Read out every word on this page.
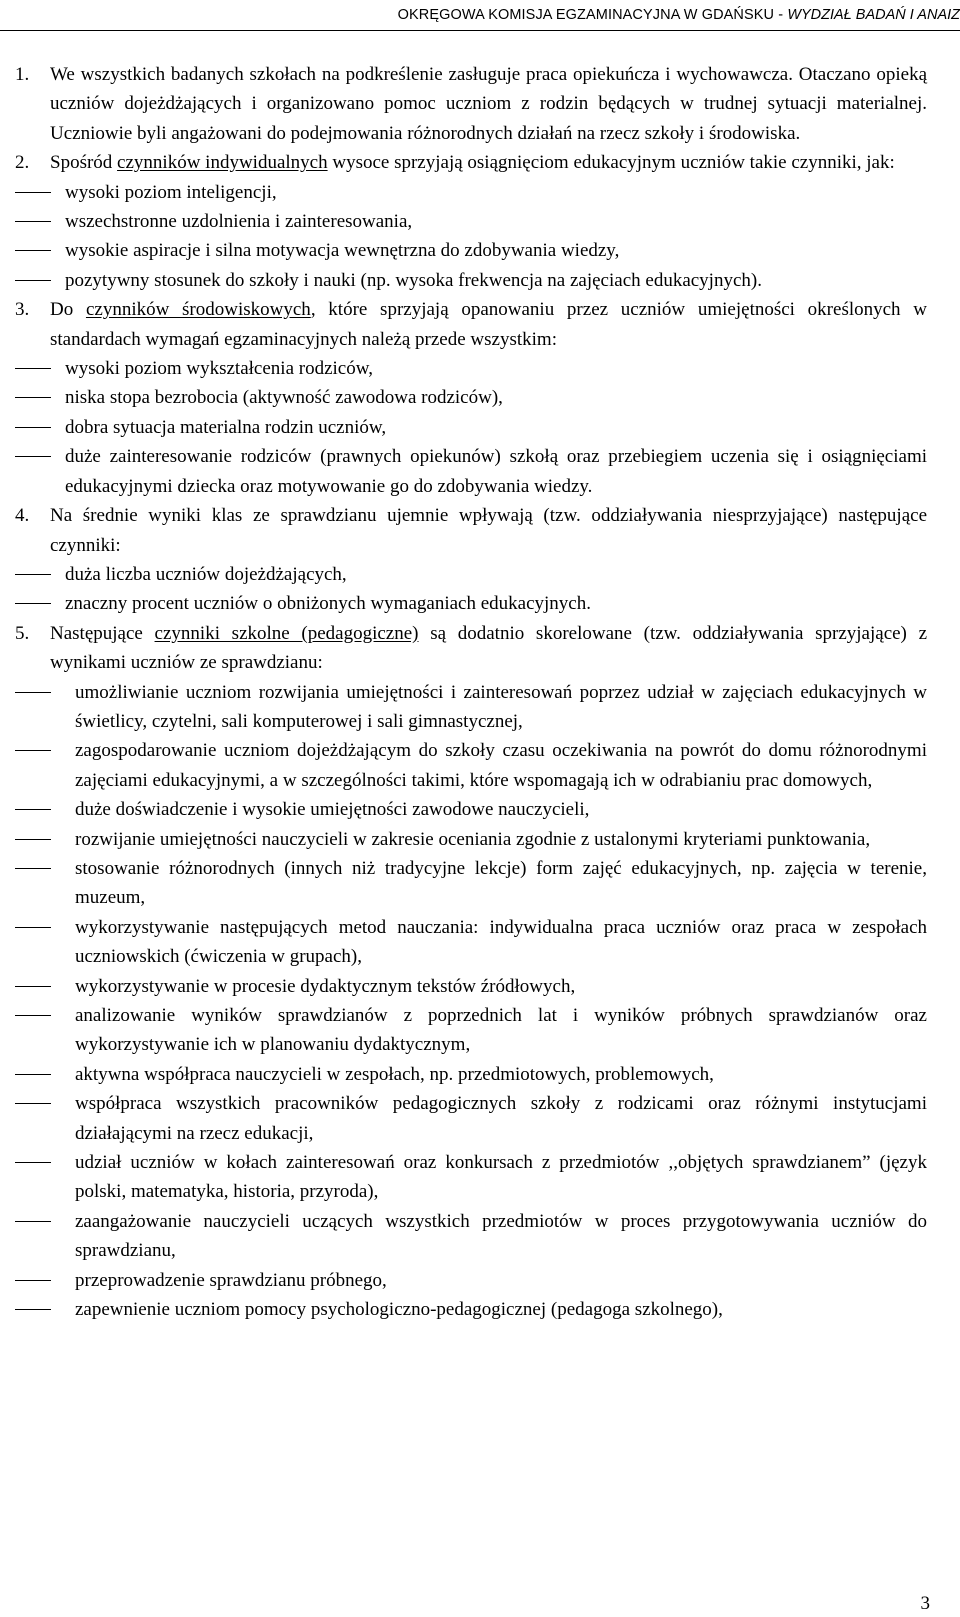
OKRĘGOWA KOMISJA EGZAMINACYJNA W GDAŃSKU - WYDZIAŁ BADAŃ I ANAIZ
1. We wszystkich badanych szkołach na podkreślenie zasługuje praca opiekuńcza i wychowawcza. Otaczano opieką uczniów dojeżdżających i organizowano pomoc uczniom z rodzin będących w trudnej sytuacji materialnej. Uczniowie byli angażowani do podejmowania różnorodnych działań na rzecz szkoły i środowiska.
2. Spośród czynników indywidualnych wysoce sprzyjają osiągnięciom edukacyjnym uczniów takie czynniki, jak:
wysoki poziom inteligencji,
wszechstronne uzdolnienia i zainteresowania,
wysokie aspiracje i silna motywacja wewnętrzna do zdobywania wiedzy,
pozytywny stosunek do szkoły i nauki (np. wysoka frekwencja na zajęciach edukacyjnych).
3. Do czynników środowiskowych, które sprzyjają opanowaniu przez uczniów umiejętności określonych w standardach wymagań egzaminacyjnych należą przede wszystkim:
wysoki poziom wykształcenia rodziców,
niska stopa bezrobocia (aktywność zawodowa rodziców),
dobra sytuacja materialna rodzin uczniów,
duże zainteresowanie rodziców (prawnych opiekunów) szkołą oraz przebiegiem uczenia się i osiągnięciami edukacyjnymi dziecka oraz motywowanie go do zdobywania wiedzy.
4. Na średnie wyniki klas ze sprawdzianu ujemnie wpływają (tzw. oddziaływania niesprzyjające) następujące czynniki:
duża liczba uczniów dojeżdżających,
znaczny procent uczniów o obniżonych wymaganiach edukacyjnych.
5. Następujące czynniki szkolne (pedagogiczne) są dodatnio skorelowane (tzw. oddziaływania sprzyjające) z wynikami uczniów ze sprawdzianu:
umożliwianie uczniom rozwijania umiejętności i zainteresowań poprzez udział w zajęciach edukacyjnych w świetlicy, czytelni, sali komputerowej i sali gimnastycznej,
zagospodarowanie uczniom dojeżdżającym do szkoły czasu oczekiwania na powrót do domu różnorodnymi zajęciami edukacyjnymi, a w szczególności takimi, które wspomagają ich w odrabianiu prac domowych,
duże doświadczenie i wysokie umiejętności zawodowe nauczycieli,
rozwijanie umiejętności nauczycieli w zakresie oceniania zgodnie z ustalonymi kryteriami punktowania,
stosowanie różnorodnych (innych niż tradycyjne lekcje) form zajęć edukacyjnych, np. zajęcia w terenie, muzeum,
wykorzystywanie następujących metod nauczania: indywidualna praca uczniów oraz praca w zespołach uczniowskich (ćwiczenia w grupach),
wykorzystywanie w procesie dydaktycznym tekstów źródłowych,
analizowanie wyników sprawdzianów z poprzednich lat i wyników próbnych sprawdzianów oraz wykorzystywanie ich w planowaniu dydaktycznym,
aktywna współpraca nauczycieli w zespołach, np. przedmiotowych, problemowych,
współpraca wszystkich pracowników pedagogicznych szkoły z rodzicami oraz różnymi instytucjami działającymi na rzecz edukacji,
udział uczniów w kołach zainteresowań oraz konkursach z przedmiotów ,,objętych sprawdzianem” (język polski, matematyka, historia, przyroda),
zaangażowanie nauczycieli uczących wszystkich przedmiotów w proces przygotowywania uczniów do sprawdzianu,
przeprowadzenie sprawdzianu próbnego,
zapewnienie uczniom pomocy psychologiczno-pedagogicznej (pedagoga szkolnego),
3
